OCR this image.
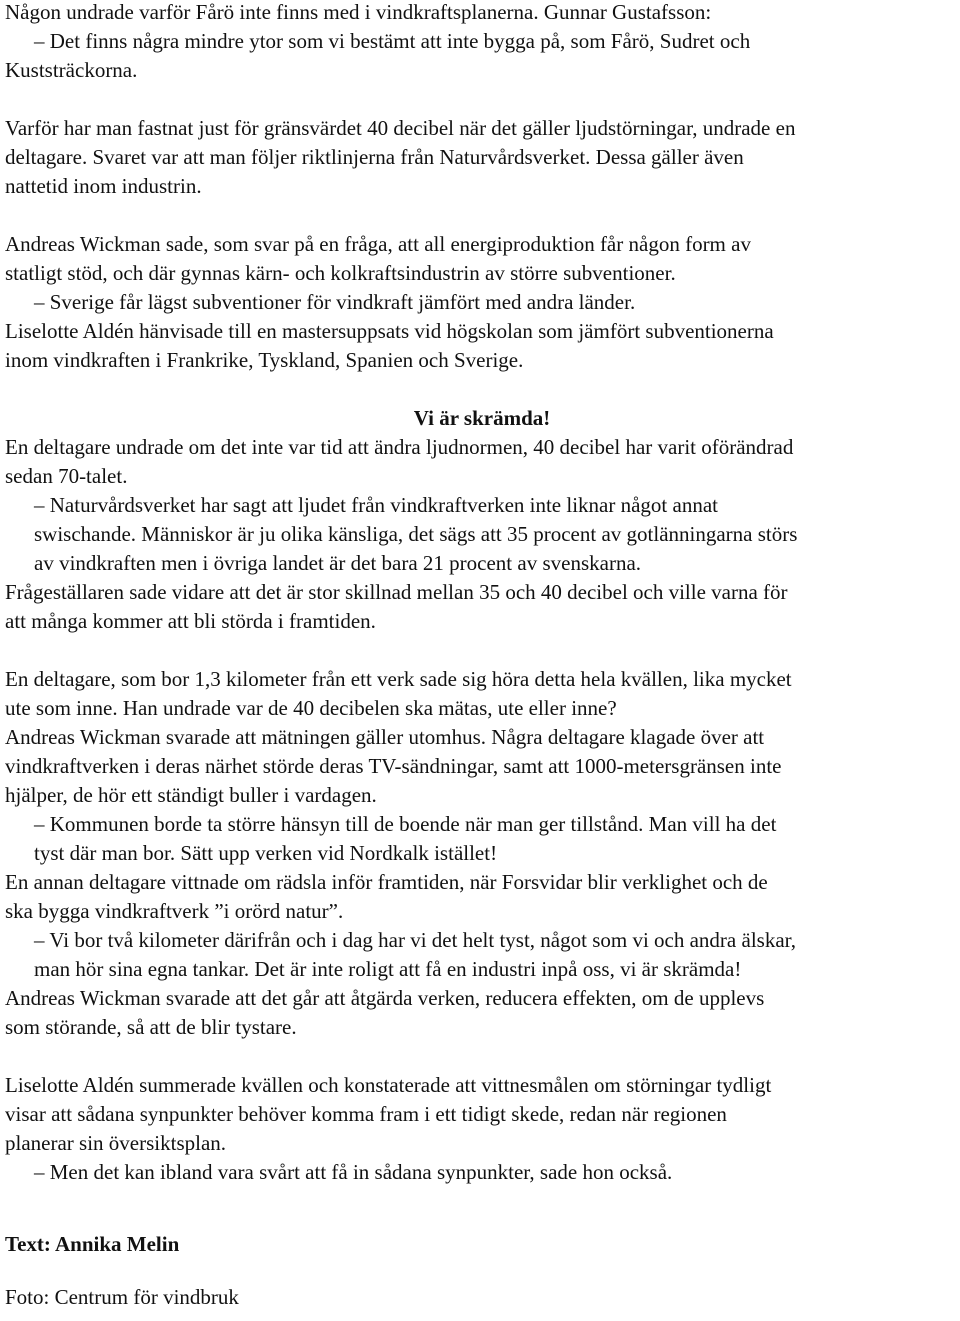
Någon undrade varför Fårö inte finns med i vindkraftsplanerna. Gunnar Gustafsson:
– Det finns några mindre ytor som vi bestämt att inte bygga på, som Fårö, Sudret och
Kuststräckorna.
Varför har man fastnat just för gränsvärdet 40 decibel när det gäller ljudstörningar, undrade en
deltagare. Svaret var att man följer riktlinjerna från Naturvårdsverket. Dessa gäller även
nattetid inom industrin.
Andreas Wickman sade, som svar på en fråga, att all energiproduktion får någon form av
statligt stöd, och där gynnas kärn- och kolkraftsindustrin av större subventioner.
– Sverige får lägst subventioner för vindkraft jämfört med andra länder.
Liselotte Aldén hänvisade till en mastersuppsats vid högskolan som jämfört subventionerna
inom vindkraften i Frankrike, Tyskland, Spanien och Sverige.
Vi är skrämda!
En deltagare undrade om det inte var tid att ändra ljudnormen, 40 decibel har varit oförändrad
sedan 70-talet.
– Naturvårdsverket har sagt att ljudet från vindkraftverken inte liknar något annat
swischande. Människor är ju olika känsliga, det sägs att 35 procent av gotlänningarna störs
av vindkraften men i övriga landet är det bara 21 procent av svenskarna.
Frågeställaren sade vidare att det är stor skillnad mellan 35 och 40 decibel och ville varna för
att många kommer att bli störda i framtiden.
En deltagare, som bor 1,3 kilometer från ett verk sade sig höra detta hela kvällen, lika mycket
ute som inne. Han undrade var de 40 decibelen ska mätas, ute eller inne?
Andreas Wickman svarade att mätningen gäller utomhus. Några deltagare klagade över att
vindkraftverken i deras närhet störde deras TV-sändningar, samt att 1000-metersgränsen inte
hjälper, de hör ett ständigt buller i vardagen.
– Kommunen borde ta större hänsyn till de boende när man ger tillstånd. Man vill ha det
tyst där man bor. Sätt upp verken vid Nordkalk istället!
En annan deltagare vittnade om rädsla inför framtiden, när Forsvidar blir verklighet och de
ska bygga vindkraftverk ”i orörd natur”.
– Vi bor två kilometer därifrån och i dag har vi det helt tyst, något som vi och andra älskar,
man hör sina egna tankar. Det är inte roligt att få en industri inpå oss, vi är skrämda!
Andreas Wickman svarade att det går att åtgärda verken, reducera effekten, om de upplevs
som störande, så att de blir tystare.
Liselotte Aldén summerade kvällen och konstaterade att vittnesmålen om störningar tydligt
visar att sådana synpunkter behöver komma fram i ett tidigt skede, redan när regionen
planerar sin översiktsplan.
– Men det kan ibland vara svårt att få in sådana synpunkter, sade hon också.
Text: Annika Melin
Foto: Centrum för vindbruk
